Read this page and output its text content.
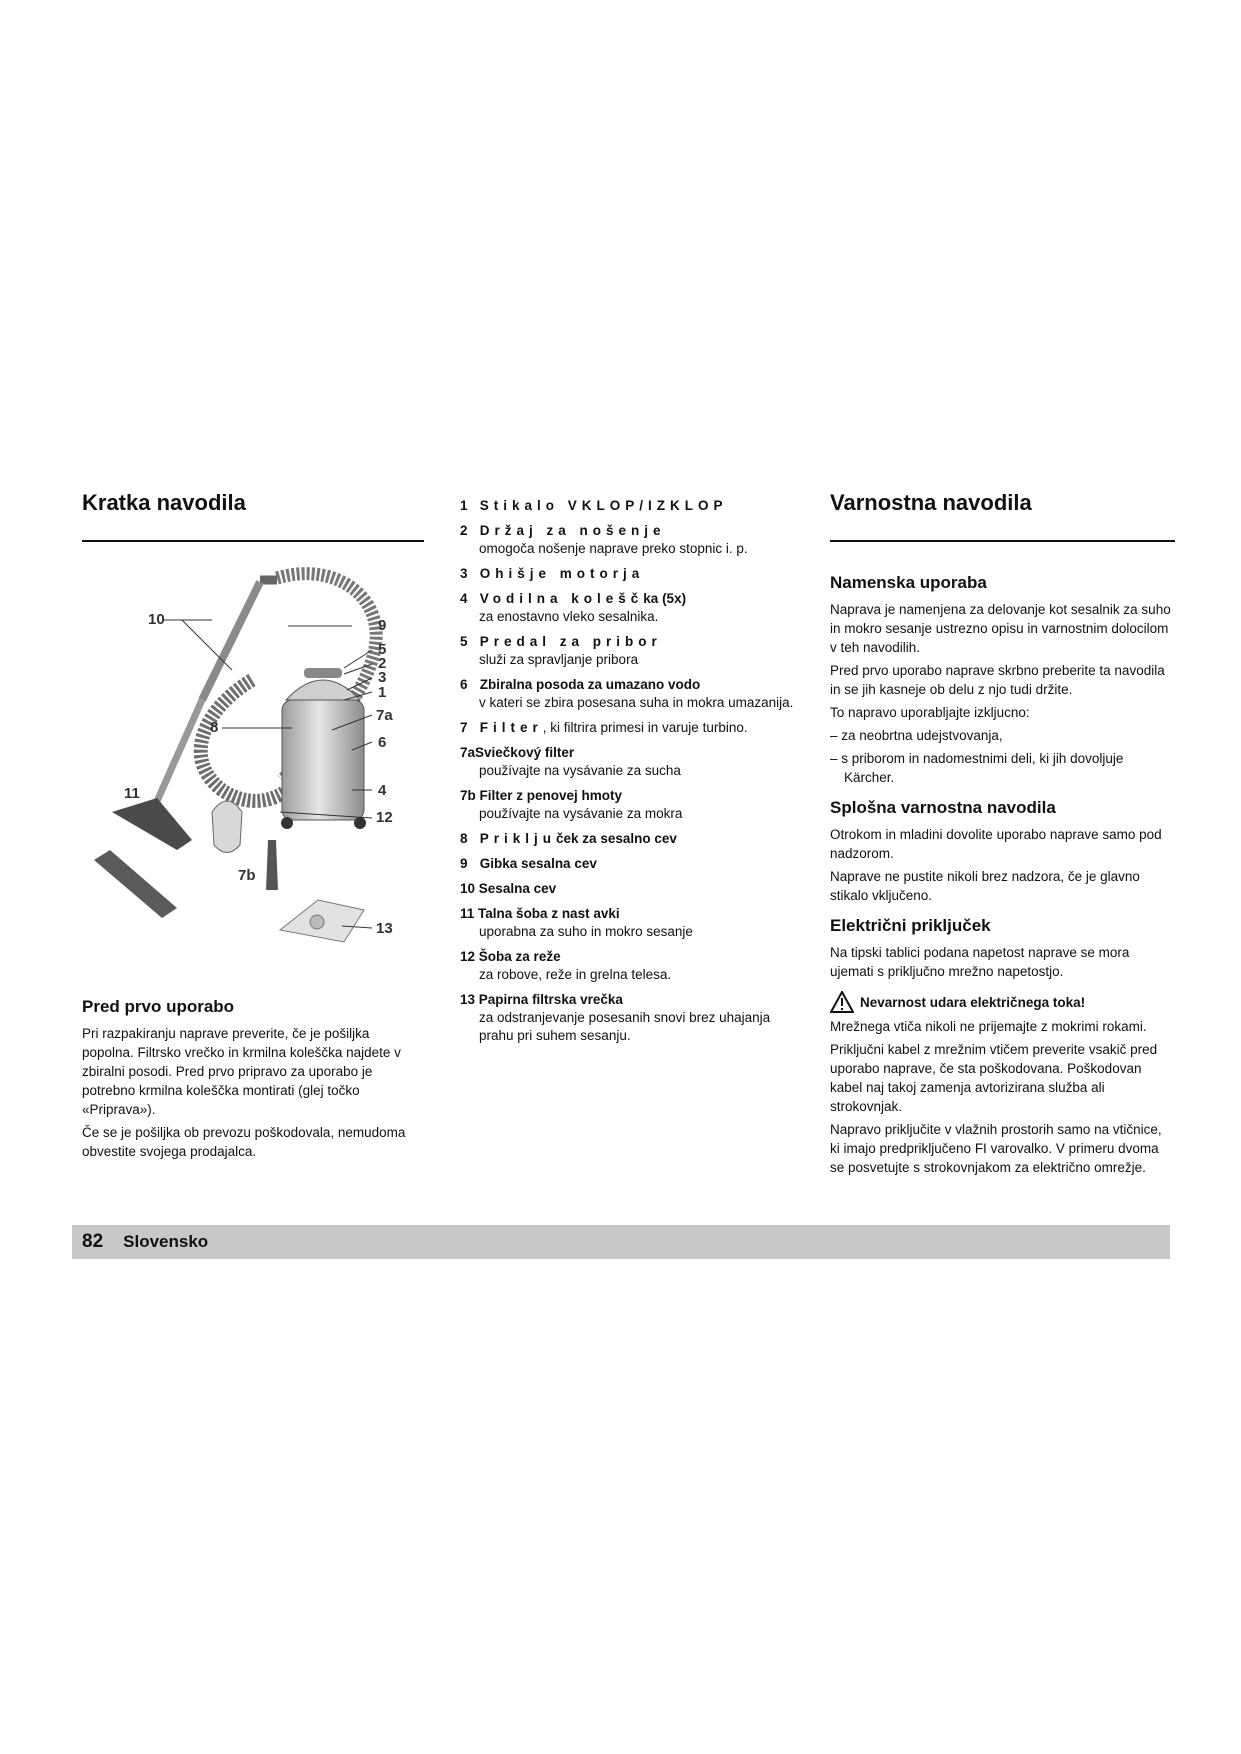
Kratka navodila
10	9
5
2
3
1
8
7a
6
4
11
12
13
7b
Pred prvo uporabo

Pri razpakiranju naprave preverite, če je pošiljka popolna. Filtrsko vrečko in krmilna koleščka najdete v zbiralni posodi. Pred prvo pripravo za uporabo je potrebno krmilna koleščka montirati (glej točko «Priprava»).

Če se je pošiljka ob prevozu poškodovala, nemudoma obvestite svojega prodajalca.

1 Stikalo VKLOP/IZKLOP
2 Držaj za nošenje
omogoča nošenje naprave preko stopnic i. p.
3 Ohišje motorja
4 Vodilna koleščka (5x)
za enostavno vleko sesalnika.
5 Predal za pribor
služi za spravljanje pribora
6 Zbiralna posoda za umazano vodo
v kateri se zbira posesana suha in mokra umazanija.
7 Filter, ki filtrira primesi in varuje turbino.
7aSviečkový filter
používajte na vysávanie za sucha
7b Filter z penovej hmoty
používajte na vysávanie za mokra
8 Priključek za sesalno cev
9 Gibka sesalna cev
10 Sesalna cev
11 Talna šoba z nast avki
uporabna za suho in mokro sesanje
12 Šoba za reže
za robove, reže in grelna telesa.
13 Papirna filtrska vrečka
za odstranjevanje posesanih snovi brez uhajanja prahu pri suhem sesanju.
Varnostna navodila
Namenska uporaba

Naprava je namenjena za delovanje kot sesalnik za suho in mokro sesanje ustrezno opisu in varnostnim dolocilom v teh navodilih.

Pred prvo uporabo naprave skrbno preberite ta navodila in se jih kasneje ob delu z njo tudi držite.

To napravo uporabljajte izkljucno:

– za neobrtna udejstvovanja,
– s priborom in nadomestnimi deli, ki jih dovoljuje Kärcher.
Splošna varnostna navodila

Otrokom in mladini dovolite uporabo naprave samo pod nadzorom.

Naprave ne pustite nikoli brez nadzora, če je glavno stikalo vključeno.

Električni priključek

Na tipski tablici podana napetost naprave se mora ujemati s priključno mrežno napetostjo.

Nevarnost udara električnega toka!

Mrežnega vtiča nikoli ne prijemajte z mokrimi rokami.

Priključni kabel z mrežnim vtičem preverite vsakič pred uporabo naprave, če sta poškodovana. Poškodovan kabel naj takoj zamenja avtorizirana služba ali strokovnjak.

Napravo priključite v vlažnih prostorih samo na vtičnice, ki imajo predpriključeno FI varovalko. V primeru dvoma se posvetujte s strokovnjakom za električno omrežje.

82 Slovensko
